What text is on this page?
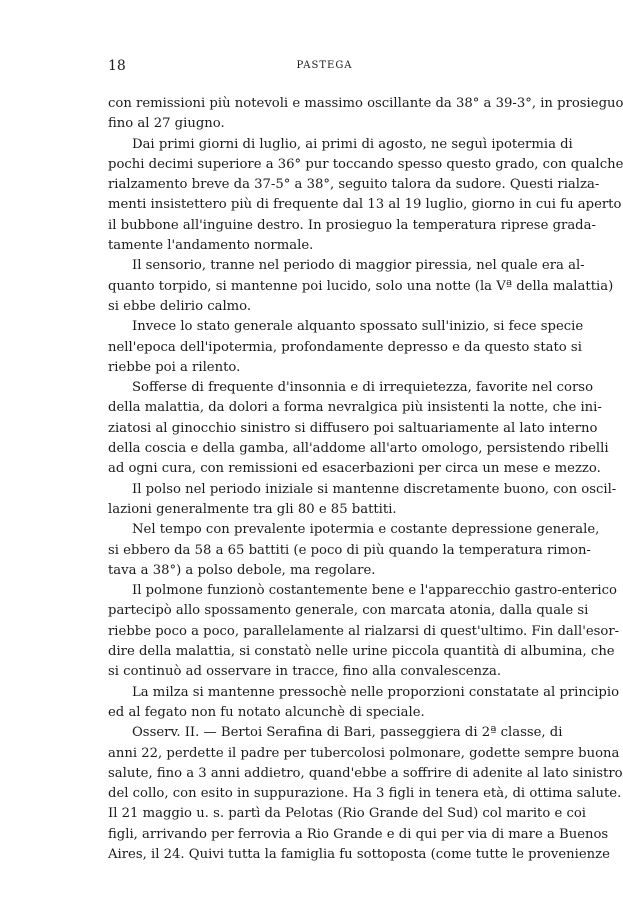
18	PASTEGA
con remissioni più notevoli e massimo oscillante da 38° a 39-3°, in prosieguo
fino al 27 giugno.
Dai primi giorni di luglio, ai primi di agosto, ne seguì ipotermia di
pochi decimi superiore a 36° pur toccando spesso questo grado, con qualche
rialzamento breve da 37-5° a 38°, seguito talora da sudore. Questi rialza-
menti insistettero più di frequente dal 13 al 19 luglio, giorno in cui fu aperto
il bubbone all'inguine destro. In prosieguo la temperatura riprese grada-
tamente l'andamento normale.
Il sensorio, tranne nel periodo di maggior piressia, nel quale era al-
quanto torpido, si mantenne poi lucido, solo una notte (la Vª della malattia)
si ebbe delirio calmo.
Invece lo stato generale alquanto spossato sull'inizio, si fece specie
nell'epoca dell'ipotermia, profondamente depresso e da questo stato si
riebbe poi a rilento.
Sofferse di frequente d'insonnia e di irrequietezza, favorite nel corso
della malattia, da dolori a forma nevralgica più insistenti la notte, che ini-
ziatosi al ginocchio sinistro si diffusero poi saltuariamente al lato interno
della coscia e della gamba, all'addome all'arto omologo, persistendo ribelli
ad ogni cura, con remissioni ed esacerbazioni per circa un mese e mezzo.
Il polso nel periodo iniziale si mantenne discretamente buono, con oscil-
lazioni generalmente tra gli 80 e 85 battiti.
Nel tempo con prevalente ipotermia e costante depressione generale,
si ebbero da 58 a 65 battiti (e poco di più quando la temperatura rimon-
tava a 38°) a polso debole, ma regolare.
Il polmone funzionò costantemente bene e l'apparecchio gastro-enterico
partecipò allo spossamento generale, con marcata atonia, dalla quale si
riebbe poco a poco, parallelamente al rialzarsi di quest'ultimo. Fin dall'esor-
dire della malattia, si constatò nelle urine piccola quantità di albumina, che
si continuò ad osservare in tracce, fino alla convalescenza.
La milza si mantenne pressochè nelle proporzioni constatate al principio
ed al fegato non fu notato alcunchè di speciale.
Osserv. II. — Bertoi Serafina di Bari, passeggiera di 2ª classe, di
anni 22, perdette il padre per tubercolosi polmonare, godette sempre buona
salute, fino a 3 anni addietro, quand'ebbe a soffrire di adenite al lato sinistro
del collo, con esito in suppurazione. Ha 3 figli in tenera età, di ottima salute.
Il 21 maggio u. s. partì da Pelotas (Rio Grande del Sud) col marito e coi
figli, arrivando per ferrovia a Rio Grande e di qui per via di mare a Buenos
Aires, il 24. Quivi tutta la famiglia fu sottoposta (come tutte le provenienze
